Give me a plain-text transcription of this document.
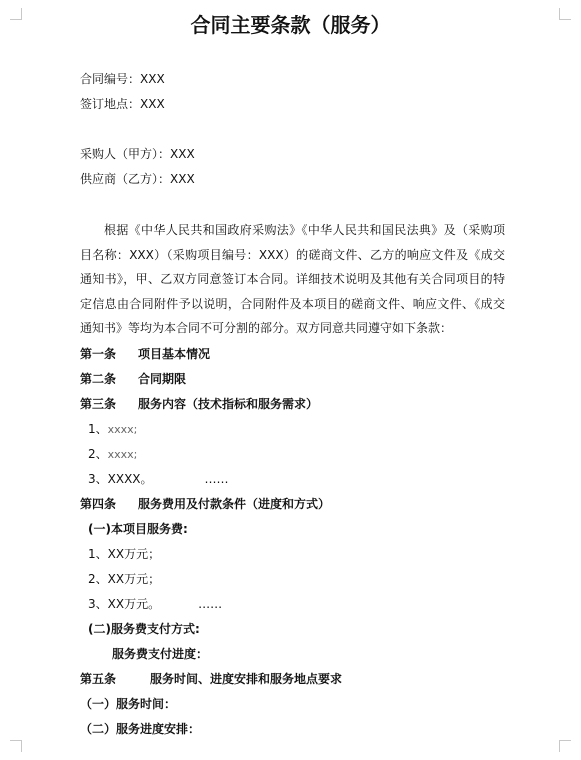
合同主要条款（服务）
合同编号：XXX
签订地点：XXX
采购人（甲方）：XXX
供应商（乙方）：XXX
根据《中华人民共和国政府采购法》《中华人民共和国民法典》及（采购项目名称：XXX）（采购项目编号：XXX）的磋商文件、乙方的响应文件及《成交通知书》，甲、乙双方同意签订本合同。详细技术说明及其他有关合同项目的特定信息由合同附件予以说明，合同附件及本项目的磋商文件、响应文件、《成交通知书》等均为本合同不可分割的部分。双方同意共同遵守如下条款：
第一条 项目基本情况
第二条 合同期限
第三条 服务内容（技术指标和服务需求）
1、xxxx;
2、xxxx;
3、XXXX。	……
第四条 服务费用及付款条件（进度和方式）
(一)本项目服务费:
1、XX万元；
2、XX万元；
3、XX万元。	……
(二)服务费支付方式:
服务费支付进度：
第五条	服务时间、进度安排和服务地点要求
（一）服务时间：
（二）服务进度安排：
